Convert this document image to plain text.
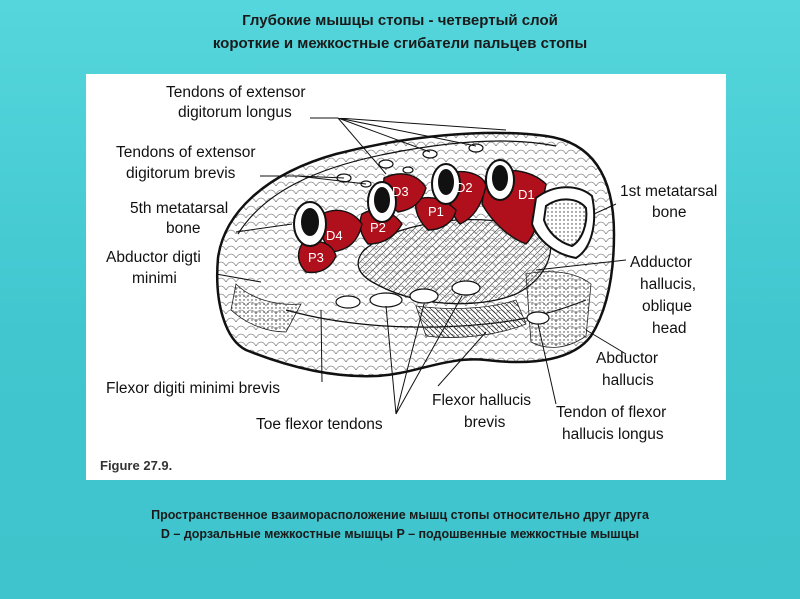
Глубокие мышцы стопы - четвертый слой
короткие и межкостные сгибатели пальцев стопы
D1
D2
P1
D3
P2
D4
P3
Figure 27.9.
Tendons of extensor
digitorum longus
Tendons of extensor
digitorum brevis
5th metatarsal
bone
Abductor digti
minimi
1st metatarsal
bone
Adductor
hallucis,
oblique
head
Abductor
hallucis
Flexor digiti minimi brevis
Toe flexor tendons
Flexor hallucis
brevis
Tendon of flexor
hallucis longus
Пространственное взаиморасположение мышц стопы относительно друг друга
D – дорзальные межкостные мышцы P – подошвенные межкостные мышцы
